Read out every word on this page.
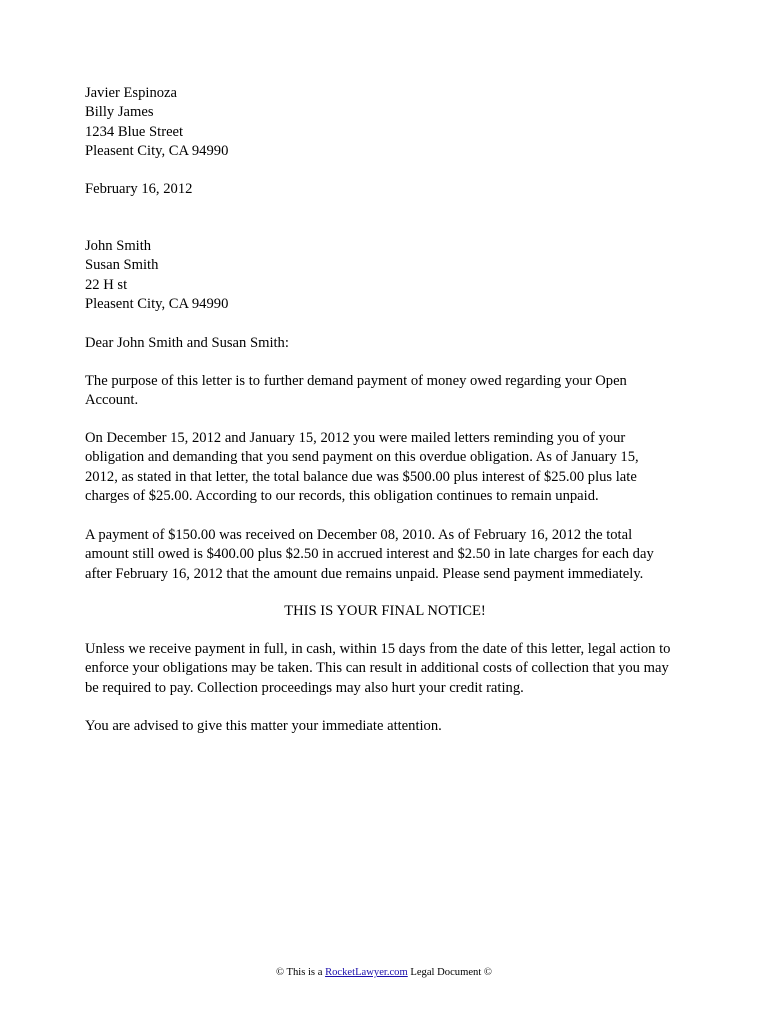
Javier Espinoza
Billy James
1234 Blue Street
Pleasent City, CA 94990
February 16, 2012
John Smith
Susan Smith
22 H st
Pleasent City, CA 94990
Dear John Smith and Susan Smith:
The purpose of this letter is to further demand payment of money owed regarding your Open
Account.
On December 15, 2012 and January 15, 2012 you were mailed letters reminding you of your
obligation and demanding that you send payment on this overdue obligation. As of January 15,
2012, as stated in that letter, the total balance due was $500.00 plus interest of $25.00 plus late
charges of $25.00. According to our records, this obligation continues to remain unpaid.
A payment of $150.00 was received on December 08, 2010. As of February 16, 2012 the total
amount still owed is $400.00 plus $2.50 in accrued interest and $2.50 in late charges for each day
after February 16, 2012 that the amount due remains unpaid. Please send payment immediately.
THIS IS YOUR FINAL NOTICE!
Unless we receive payment in full, in cash, within 15 days from the date of this letter, legal action to
enforce your obligations may be taken. This can result in additional costs of collection that you may
be required to pay. Collection proceedings may also hurt your credit rating.
You are advised to give this matter your immediate attention.
© This is a RocketLawyer.com Legal Document ©
